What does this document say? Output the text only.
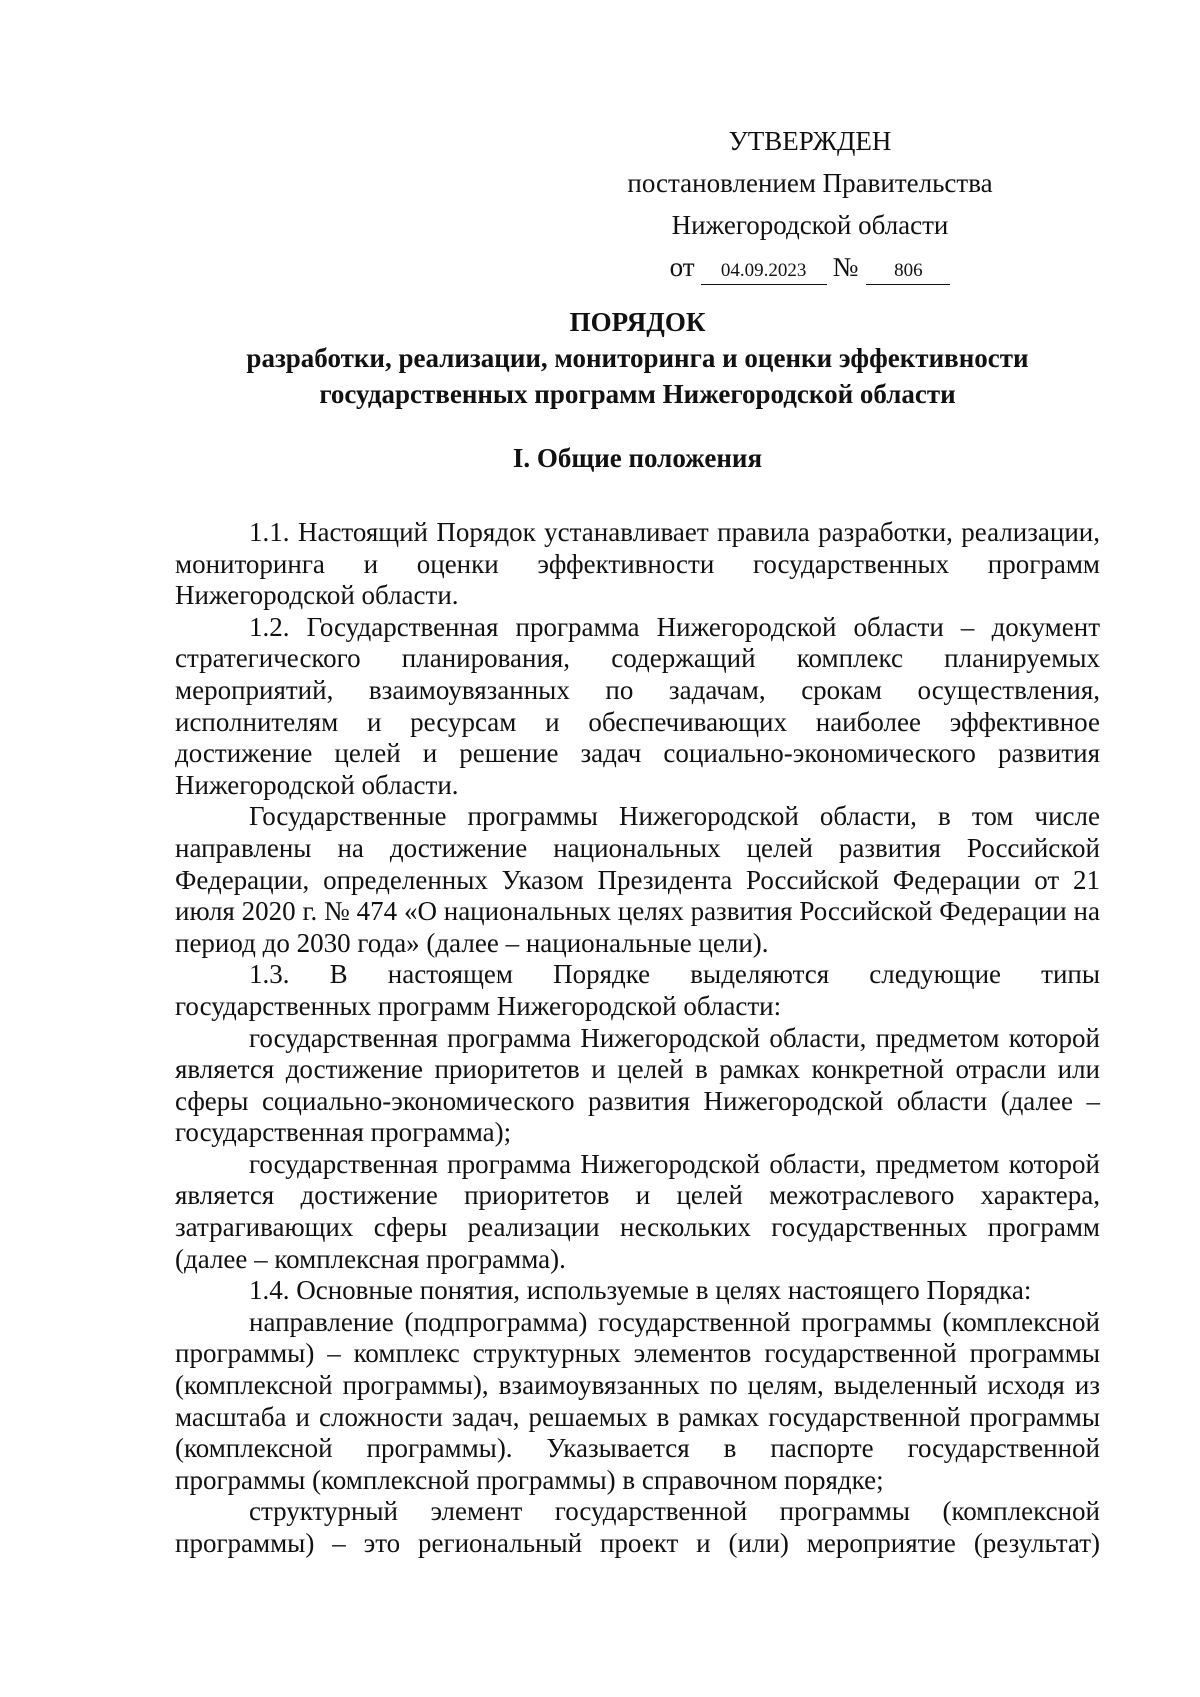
УТВЕРЖДЕН

постановлением Правительства

Нижегородской области

от 04.09.2023 № 806

ПОРЯДОК

разработки, реализации, мониторинга и оценки эффективности

государственных программ Нижегородской области

I. Общие положения

1.1. Настоящий Порядок устанавливает правила разработки, реализации, мониторинга и оценки эффективности государственных программ Нижегородской области.

1.2. Государственная программа Нижегородской области – документ стратегического планирования, содержащий комплекс планируемых мероприятий, взаимоувязанных по задачам, срокам осуществления, исполнителям и ресурсам и обеспечивающих наиболее эффективное достижение целей и решение задач социально-экономического развития Нижегородской области.

Государственные программы Нижегородской области, в том числе направлены на достижение национальных целей развития Российской Федерации, определенных Указом Президента Российской Федерации от 21 июля 2020 г. № 474 «О национальных целях развития Российской Федерации на период до 2030 года» (далее – национальные цели).

1.3. В настоящем Порядке выделяются следующие типы государственных программ Нижегородской области:

государственная программа Нижегородской области, предметом которой является достижение приоритетов и целей в рамках конкретной отрасли или сферы социально-экономического развития Нижегородской области (далее – государственная программа);

государственная программа Нижегородской области, предметом которой является достижение приоритетов и целей межотраслевого характера, затрагивающих сферы реализации нескольких государственных программ (далее – комплексная программа).

1.4. Основные понятия, используемые в целях настоящего Порядка:

направление (подпрограмма) государственной программы (комплексной программы) – комплекс структурных элементов государственной программы (комплексной программы), взаимоувязанных по целям, выделенный исходя из масштаба и сложности задач, решаемых в рамках государственной программы (комплексной программы). Указывается в паспорте государственной программы (комплексной программы) в справочном порядке;

структурный элемент государственной программы (комплексной программы) – это региональный проект и (или) мероприятие (результат)
